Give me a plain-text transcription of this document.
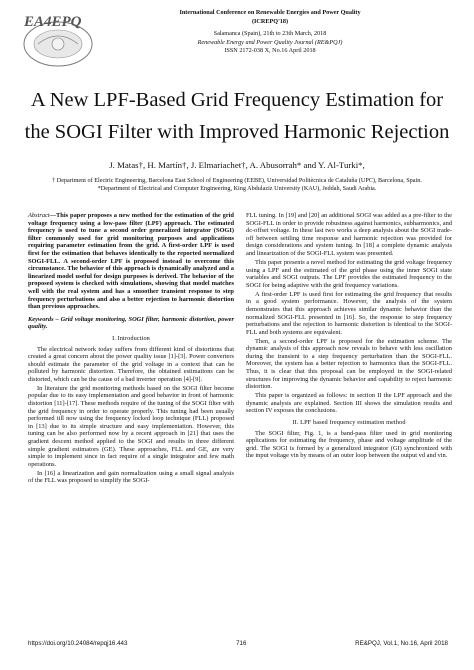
EA4EPQ
International Conference on Renewable Energies and Power Quality
(ICREPQ'18)
Salamanca (Spain), 21th to 23th March, 2018
Renewable Energy and Power Quality Journal (RE&PQJ)
ISSN 2172-038 X, No.16 April 2018
A New LPF-Based Grid Frequency Estimation for
the SOGI Filter with Improved Harmonic Rejection
J. Matas†, H. Martín†, J. Elmariachet†, A. Abusorrah* and Y. Al-Turki*,
† Department of Electric Engineering, Barcelona East School of Engineering (EEBE), Universidad Politècnica de Cataluña (UPC), Barcelona, Spain.
*Department of Electrical and Computer Engineering, King Abdulaziz University (KAU), Jeddah, Saudi Arabia.

Abstract—This paper proposes a new method for the estimation of the grid voltage frequency using a low-pass filter (LPF) approach. The estimated frequency is used to tune a second order generalized integrator (SOGI) filter commonly used for grid monitoring purposes and applications requiring parameter estimation from the grid. A first-order LPF is used first for the estimation that behaves identically to the reported normalized SOGI-FLL. A second-order LPF is proposed instead to overcome this circumstance. The behavior of this approach is dynamically analyzed and a linearized model useful for design purposes is derived. The behavior of the proposed system is checked with simulations, showing that model matches well with the real system and has a smoother transient response to step frequency perturbations and also a better rejection to harmonic distortion than previous approaches.

Keywords – Grid voltage monitoring, SOGI filter, harmonic distortion, power quality.

I. Introduction

The electrical network today suffers from different kind of distortions that created a great concern about the power quality issue [1]-[3]. Power converters should estimate the parameter of the grid voltage in a context that can be polluted by harmonic distortion. Therefore, the obtained estimations can be distorted, which can be the cause of a bad inverter operation [4]-[9].

In literature the grid monitoring methods based on the SOGI filter become popular due to its easy implementation and good behavior in front of harmonic distortion [11]-[17]. These methods require of the tuning of the SOGI filter with the grid frequency in order to operate properly. This tuning had been usually performed till now using the frequency locked loop technique (FLL) proposed in [13] due to its simple structure and easy implementation. However, this tuning can be also performed now by a recent approach in [21] that uses the gradient descent method applied to the SOGI and results in three different simple gradient estimators (GE). These approaches, FLL and GE, are very simple to implement since in fact require of a single integrator and few math operations.

In [16] a linearization and gain normalization using a small signal analysis of the FLL was proposed to simplify the SOGI-

FLL tuning. In [19] and [20] an additional SOGI was added as a pre-filter to the SOGI-FLL in order to provide robustness against harmonics, subharmonics, and dc-offset voltage. In these last two works a deep analysis about the SOGI trade-off between settling time response and harmonic rejection was provided for design considerations and system tuning. In [18] a complete dynamic analysis and linearization of the SOGI-FLL system was presented.

This paper presents a novel method for estimating the grid voltage frequency using a LPF and the estimated of the grid phase using the inner SOGI state variables and SOGI outputs. The LPF provides the estimated frequency to the SOGI for being adaptive with the grid frequency variations.

A first-order LPF is used first for estimating the grid frequency that results in a good system performance. However, the analysis of the system demonstrates that this approach achieves similar dynamic behavior than the normalized SOGI-FLL presented in [16]. So, the response to step frequency perturbations and the rejection to harmonic distortion is identical to the SOGI-FLL and both systems are equivalent.

Then, a second-order LPF is proposed for the estimation scheme. The dynamic analysis of this approach now reveals to behave with less oscillation during the transient to a step frequency perturbation than the SOGI-FLL. Moreover, the system has a better rejection to harmonics than the SOGI-FLL. Thus, it is clear that this proposal can be employed in the SOGI-related structures for improving the dynamic behavior and capability to reject harmonic distortion.

This paper is organized as follows: in section II the LPF approach and the dynamic analysis are explained. Section III shows the simulation results and section IV exposes the conclusions.

II. LPF based frequency estimation method

The SOGI filter, Fig. 1, is a band-pass filter used in grid monitoring applications for estimating the frequency, phase and voltage amplitude of the grid. The SOGI is formed by a generalized integrator (GI) synchronized with the input voltage vin by means of an outer loop between the output vd and vin.

https://doi.org/10.24084/repqj16.443	716	RE&PQJ, Vol.1, No.16, April 2018
